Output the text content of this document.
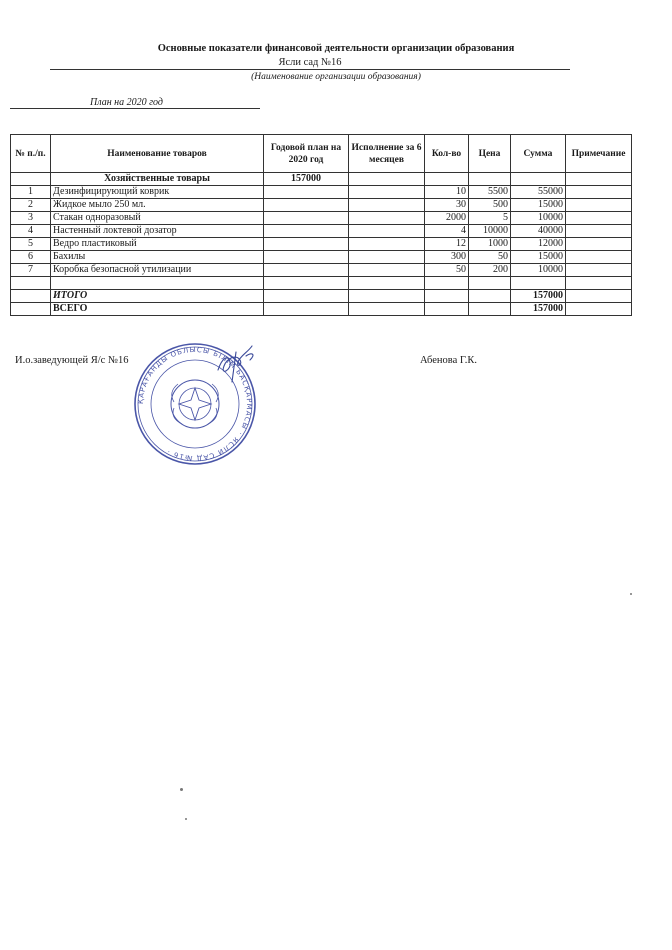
Основные показатели финансовой деятельности организации образования
Ясли сад №16
(Наименование организации образования)
План на 2020 год
№ п./п.	Наименование товаров	Годовой план на 2020 год	Исполнение за 6 месяцев	Кол-во	Цена	Сумма	Примечание
	Хозяйственные товары	157000					
1	Дезинфицирующий коврик			10	5500	55000	
2	Жидкое мыло 250 мл.			30	500	15000	
3	Стакан одноразовый			2000	5	10000	
4	Настенный локтевой дозатор			4	10000	40000	
5	Ведро пластиковый			12	1000	12000	
6	Бахилы			300	50	15000	
7	Коробка безопасной утилизации			50	200	10000	

	ИТОГО					157000	
	ВСЕГО					157000	
ҚАРАҒАНДЫ ОБЛЫСЫ БІЛІМ БАСҚАРМАСЫ · ЯСЛИ САД №16 ·
И.о.заведующей Я/с №16	Абенова Г.К.
